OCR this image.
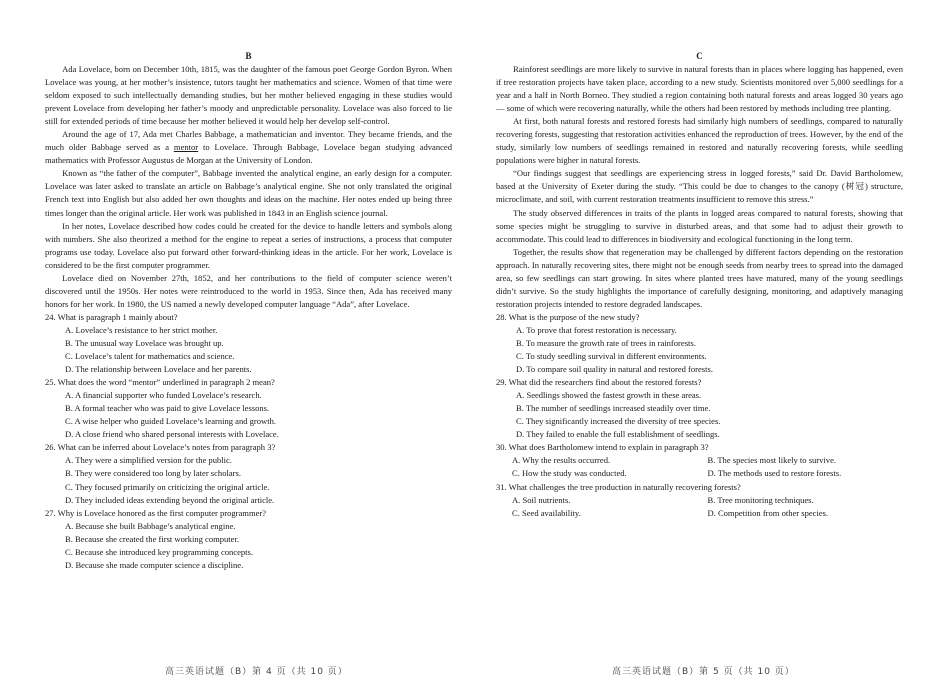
B

Ada Lovelace, born on December 10th, 1815, was the daughter of the famous poet George Gordon Byron. When Lovelace was young, at her mother’s insistence, tutors taught her mathematics and science. Women of that time were seldom exposed to such intellectually demanding studies, but her mother believed engaging in these studies would prevent Lovelace from developing her father’s moody and unpredictable personality. Lovelace was also forced to lie still for extended periods of time because her mother believed it would help her develop self-control.

Around the age of 17, Ada met Charles Babbage, a mathematician and inventor. They became friends, and the much older Babbage served as a mentor to Lovelace. Through Babbage, Lovelace began studying advanced mathematics with Professor Augustus de Morgan at the University of London.

Known as “the father of the computer”, Babbage invented the analytical engine, an early design for a computer. Lovelace was later asked to translate an article on Babbage’s analytical engine. She not only translated the original French text into English but also added her own thoughts and ideas on the machine. Her notes ended up being three times longer than the original article. Her work was published in 1843 in an English science journal.

In her notes, Lovelace described how codes could be created for the device to handle letters and symbols along with numbers. She also theorized a method for the engine to repeat a series of instructions, a process that computer programs use today. Lovelace also put forward other forward-thinking ideas in the article. For her work, Lovelace is considered to be the first computer programmer.

Lovelace died on November 27th, 1852, and her contributions to the field of computer science weren’t discovered until the 1950s. Her notes were reintroduced to the world in 1953. Since then, Ada has received many honors for her work. In 1980, the US named a newly developed computer language “Ada”, after Lovelace.

24. What is paragraph 1 mainly about?

A. Lovelace’s resistance to her strict mother.

B. The unusual way Lovelace was brought up.

C. Lovelace’s talent for mathematics and science.

D. The relationship between Lovelace and her parents.

25. What does the word “mentor” underlined in paragraph 2 mean?

A. A financial supporter who funded Lovelace’s research.

B. A formal teacher who was paid to give Lovelace lessons.

C. A wise helper who guided Lovelace’s learning and growth.

D. A close friend who shared personal interests with Lovelace.

26. What can be inferred about Lovelace’s notes from paragraph 3?

A. They were a simplified version for the public.

B. They were considered too long by later scholars.

C. They focused primarily on criticizing the original article.

D. They included ideas extending beyond the original article.

27. Why is Lovelace honored as the first computer programmer?

A. Because she built Babbage’s analytical engine.

B. Because she created the first working computer.

C. Because she introduced key programming concepts.

D. Because she made computer science a discipline.

C

Rainforest seedlings are more likely to survive in natural forests than in places where logging has happened, even if tree restoration projects have taken place, according to a new study. Scientists monitored over 5,000 seedlings for a year and a half in North Borneo. They studied a region containing both natural forests and areas logged 30 years ago — some of which were recovering naturally, while the others had been restored by methods including tree planting.

At first, both natural forests and restored forests had similarly high numbers of seedlings, compared to naturally recovering forests, suggesting that restoration activities enhanced the reproduction of trees. However, by the end of the study, similarly low numbers of seedlings remained in restored and naturally recovering forests, while seedling populations were higher in natural forests.

“Our findings suggest that seedlings are experiencing stress in logged forests,” said Dr. David Bartholomew, based at the University of Exeter during the study. “This could be due to changes to the canopy (树冠) structure, microclimate, and soil, with current restoration treatments insufficient to remove this stress.”

The study observed differences in traits of the plants in logged areas compared to natural forests, showing that some species might be struggling to survive in disturbed areas, and that some had to adjust their growth to accommodate. This could lead to differences in biodiversity and ecological functioning in the long term.

Together, the results show that regeneration may be challenged by different factors depending on the restoration approach. In naturally recovering sites, there might not be enough seeds from nearby trees to spread into the damaged area, so few seedlings can start growing. In sites where planted trees have matured, many of the young seedlings didn’t survive. So the study highlights the importance of carefully designing, monitoring, and adaptively managing restoration projects intended to restore degraded landscapes.

28. What is the purpose of the new study?

A. To prove that forest restoration is necessary.

B. To measure the growth rate of trees in rainforests.

C. To study seedling survival in different environments.

D. To compare soil quality in natural and restored forests.

29. What did the researchers find about the restored forests?

A. Seedlings showed the fastest growth in these areas.

B. The number of seedlings increased steadily over time.

C. They significantly increased the diversity of tree species.

D. They failed to enable the full establishment of seedlings.

30. What does Bartholomew intend to explain in paragraph 3?

A. Why the results occurred.	B. The species most likely to survive.
C. How the study was conducted.	D. The methods used to restore forests.

31. What challenges the tree production in naturally recovering forests?

A. Soil nutrients.	B. Tree monitoring techniques.
C. Seed availability.	D. Competition from other species.
高三英语试题（B）第 4 页（共 10 页）	高三英语试题（B）第 5 页（共 10 页）
